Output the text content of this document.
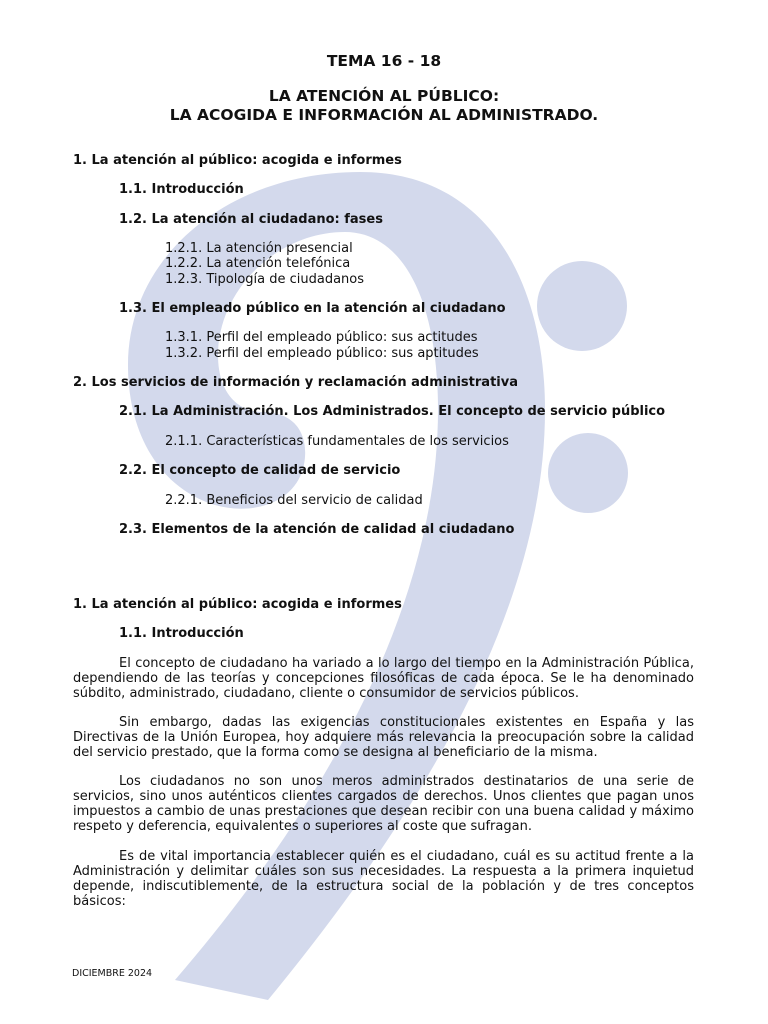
TEMA 16 - 18

LA ATENCIÓN AL PÚBLICO:

LA ACOGIDA E INFORMACIÓN AL ADMINISTRADO.

1. La atención al público: acogida e informes

1.1. Introducción

1.2. La atención al ciudadano: fases

1.2.1. La atención presencial

1.2.2. La atención telefónica

1.2.3. Tipología de ciudadanos

1.3. El empleado público en la atención al ciudadano

1.3.1. Perfil del empleado público: sus actitudes

1.3.2. Perfil del empleado público: sus aptitudes

2. Los servicios de información y reclamación administrativa

2.1. La Administración. Los Administrados. El concepto de servicio público

2.1.1. Características fundamentales de los servicios

2.2. El concepto de calidad de servicio

2.2.1. Beneficios del servicio de calidad

2.3. Elementos de la atención de calidad al ciudadano

1. La atención al público: acogida e informes

1.1. Introducción

El concepto de ciudadano ha variado a lo largo del tiempo en la Administración Pública, dependiendo de las teorías y concepciones filosóficas de cada época. Se le ha denominado súbdito, administrado, ciudadano, cliente o consumidor de servicios públicos.

Sin embargo, dadas las exigencias constitucionales existentes en España y las Directivas de la Unión Europea, hoy adquiere más relevancia la preocupación sobre la calidad del servicio prestado, que la forma como se designa al beneficiario de la misma.

Los ciudadanos no son unos meros administrados destinatarios de una serie de servicios, sino unos auténticos clientes cargados de derechos. Unos clientes que pagan unos impuestos a cambio de unas prestaciones que desean recibir con una buena calidad y máximo respeto y deferencia, equivalentes o superiores al coste que sufragan.

Es de vital importancia establecer quién es el ciudadano, cuál es su actitud frente a la Administración y delimitar cuáles son sus necesidades. La respuesta a la primera inquietud depende, indiscutiblemente, de la estructura social de la población y de tres conceptos básicos:

DICIEMBRE 2024
